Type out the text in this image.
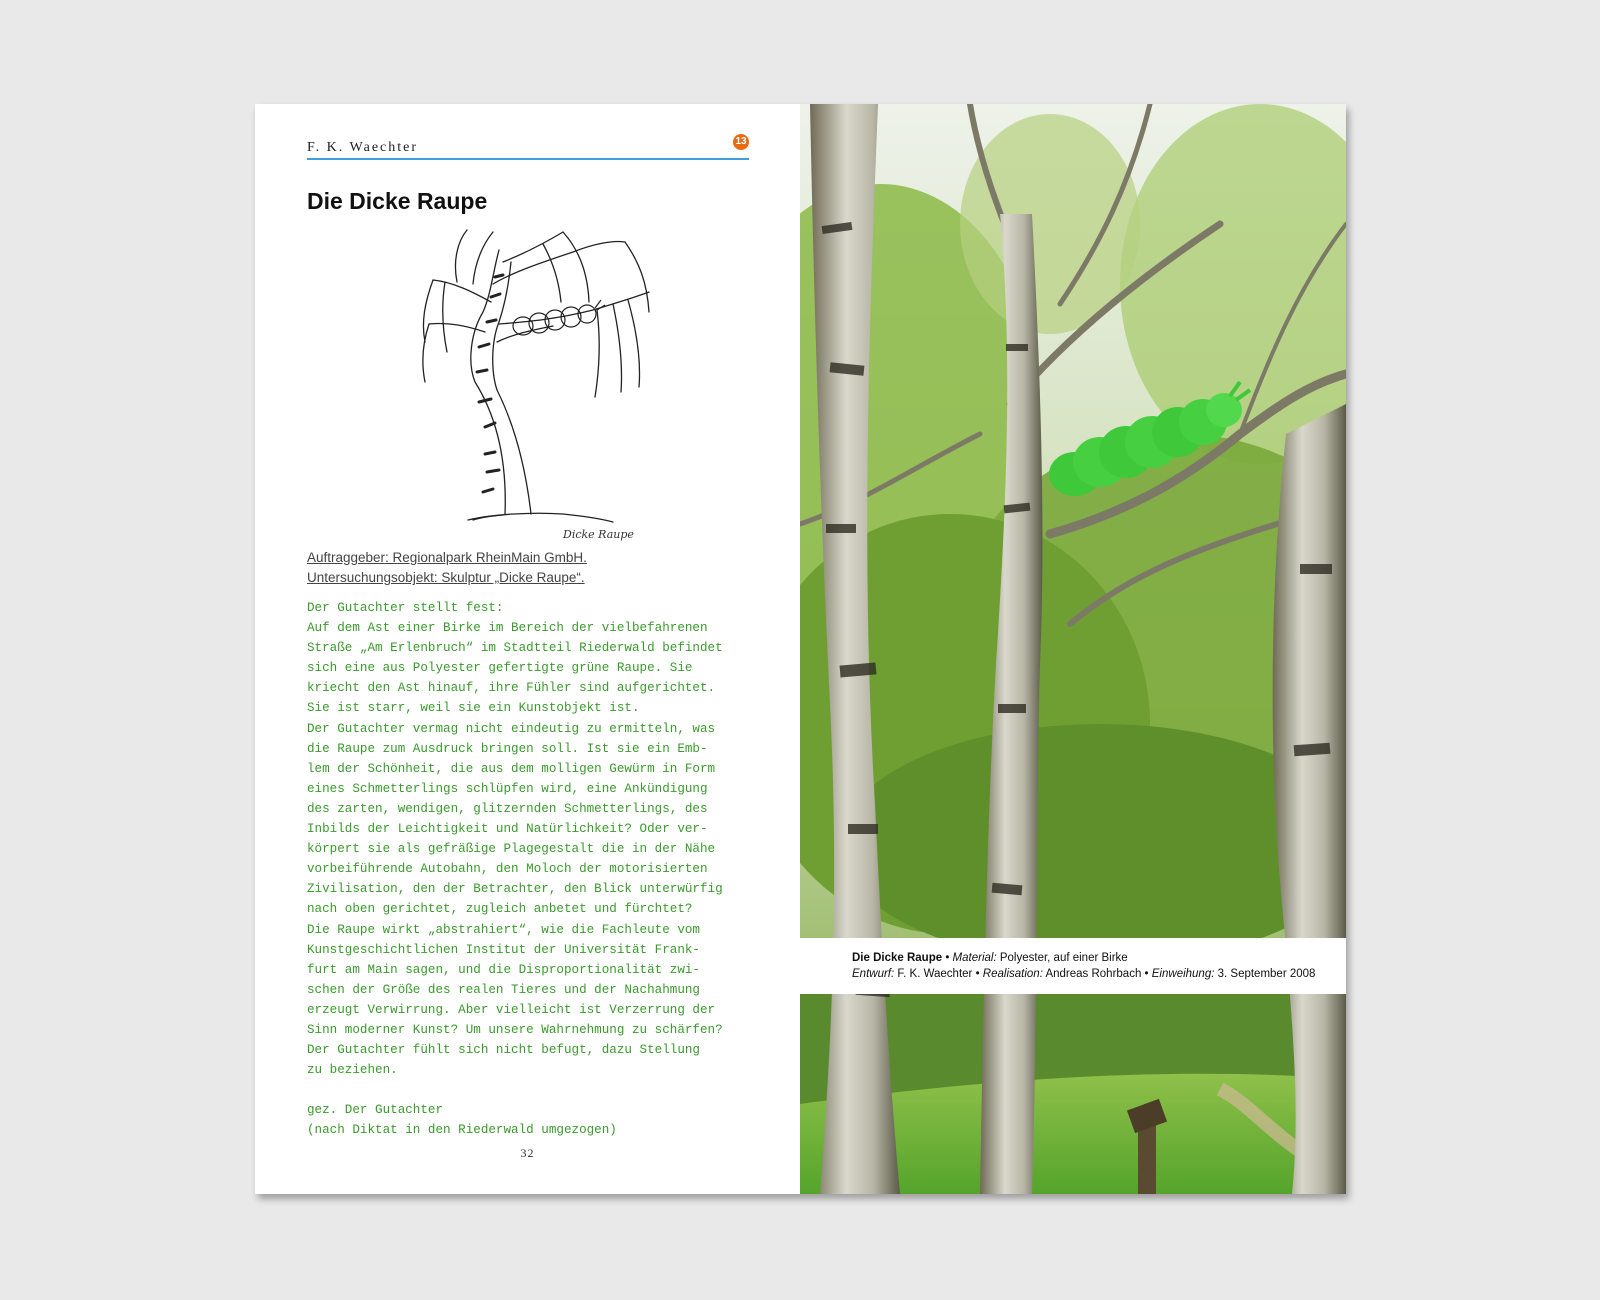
F. K. Waechter	13
Die Dicke Raupe
Dicke Raupe
Auftraggeber: Regionalpark RheinMain GmbH.
Untersuchungsobjekt: Skulptur „Dicke Raupe“.
Der Gutachter stellt fest:
Auf dem Ast einer Birke im Bereich der vielbefahrenen
Straße „Am Erlenbruch“ im Stadtteil Riederwald befindet
sich eine aus Polyester gefertigte grüne Raupe. Sie
kriecht den Ast hinauf, ihre Fühler sind aufgerichtet.
Sie ist starr, weil sie ein Kunstobjekt ist.
Der Gutachter vermag nicht eindeutig zu ermitteln, was
die Raupe zum Ausdruck bringen soll. Ist sie ein Emb-
lem der Schönheit, die aus dem molligen Gewürm in Form
eines Schmetterlings schlüpfen wird, eine Ankündigung
des zarten, wendigen, glitzernden Schmetterlings, des
Inbilds der Leichtigkeit und Natürlichkeit? Oder ver-
körpert sie als gefräßige Plagegestalt die in der Nähe
vorbeiführende Autobahn, den Moloch der motorisierten
Zivilisation, den der Betrachter, den Blick unterwürfig
nach oben gerichtet, zugleich anbetet und fürchtet?
Die Raupe wirkt „abstrahiert“, wie die Fachleute vom
Kunstgeschichtlichen Institut der Universität Frank-
furt am Main sagen, und die Disproportionalität zwi-
schen der Größe des realen Tieres und der Nachahmung
erzeugt Verwirrung. Aber vielleicht ist Verzerrung der
Sinn moderner Kunst? Um unsere Wahrnehmung zu schärfen?
Der Gutachter fühlt sich nicht befugt, dazu Stellung
zu beziehen.

gez. Der Gutachter
(nach Diktat in den Riederwald umgezogen)
32
Die Dicke Raupe • Material: Polyester, auf einer Birke
Entwurf: F. K. Waechter • Realisation: Andreas Rohrbach • Einweihung: 3. September 2008
